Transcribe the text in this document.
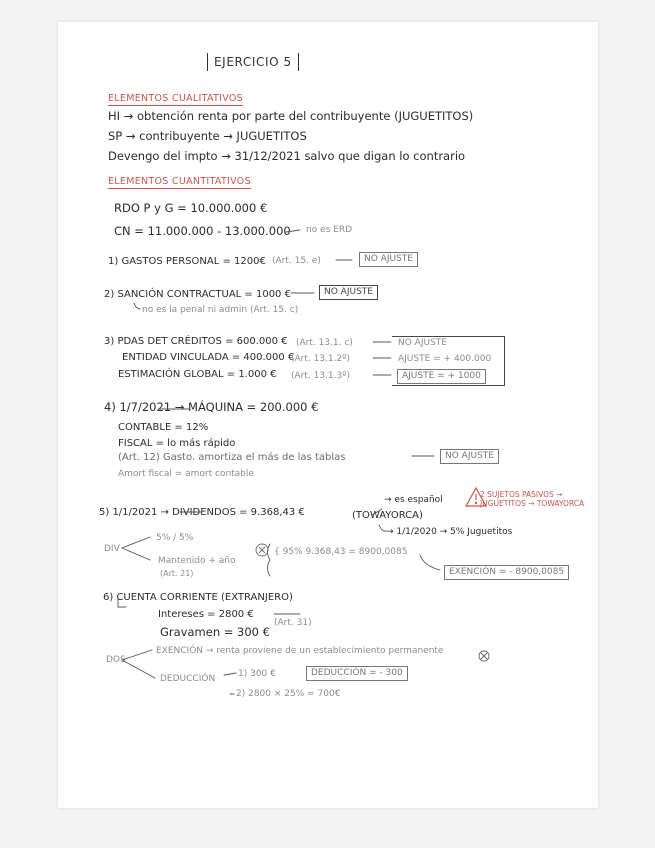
EJERCICIO 5
ELEMENTOS CUALITATIVOS
HI → obtención renta por parte del contribuyente (JUGUETITOS)
SP → contribuyente → JUGUETITOS
Devengo del impto → 31/12/2021 salvo que digan lo contrario
ELEMENTOS CUANTITATIVOS
RDO P y G = 10.000.000 €
CN = 11.000.000 - 13.000.000 no es ERD
1) GASTOS PERSONAL = 1200€ (Art. 15. e)	NO AJUSTE
2) SANCIÓN CONTRACTUAL = 1000 €	NO AJUSTE
no es la penal ni admin (Art. 15. c)
3) PDAS DET CRÉDITOS = 600.000 € (Art. 13.1. c)	NO AJUSTE
ENTIDAD VINCULADA = 400.000 €
(Art. 13.1.2º)	AJUSTE = + 400.000
ESTIMACIÓN GLOBAL = 1.000 € (Art. 13.1.3º)	AJUSTE = + 1000
4) 1/7/2021 → MÁQUINA = 200.000 €
CONTABLE = 12%
FISCAL = lo más rápido
(Art. 12) Gasto. amortiza el más de las tablas	NO AJUSTE
Amort fiscal = amort contable
5) 1/1/2021 → DIVIDENDOS = 9.368,43 €	(TOWAYORCA)
→ es español
2 SUJETOS PASIVOS → JUGUETITOS → TOWAYORCA
→ 1/1/2020 → 5% Juguetitos
DIV
5% / 5%
Mantenido + año
(Art. 21)
{ 95% 9.368,43 = 8900,0085
EXENCIÓN = - 8900,0085
6) CUENTA CORRIENTE (EXTRANJERO)
Intereses = 2800 €
Gravamen = 300 €
(Art. 31)
DOS
EXENCIÓN → renta proviene de un establecimiento permanente
DEDUCCIÓN	1) 300 €	DEDUCCIÓN = - 300
2) 2800 × 25% = 700€
